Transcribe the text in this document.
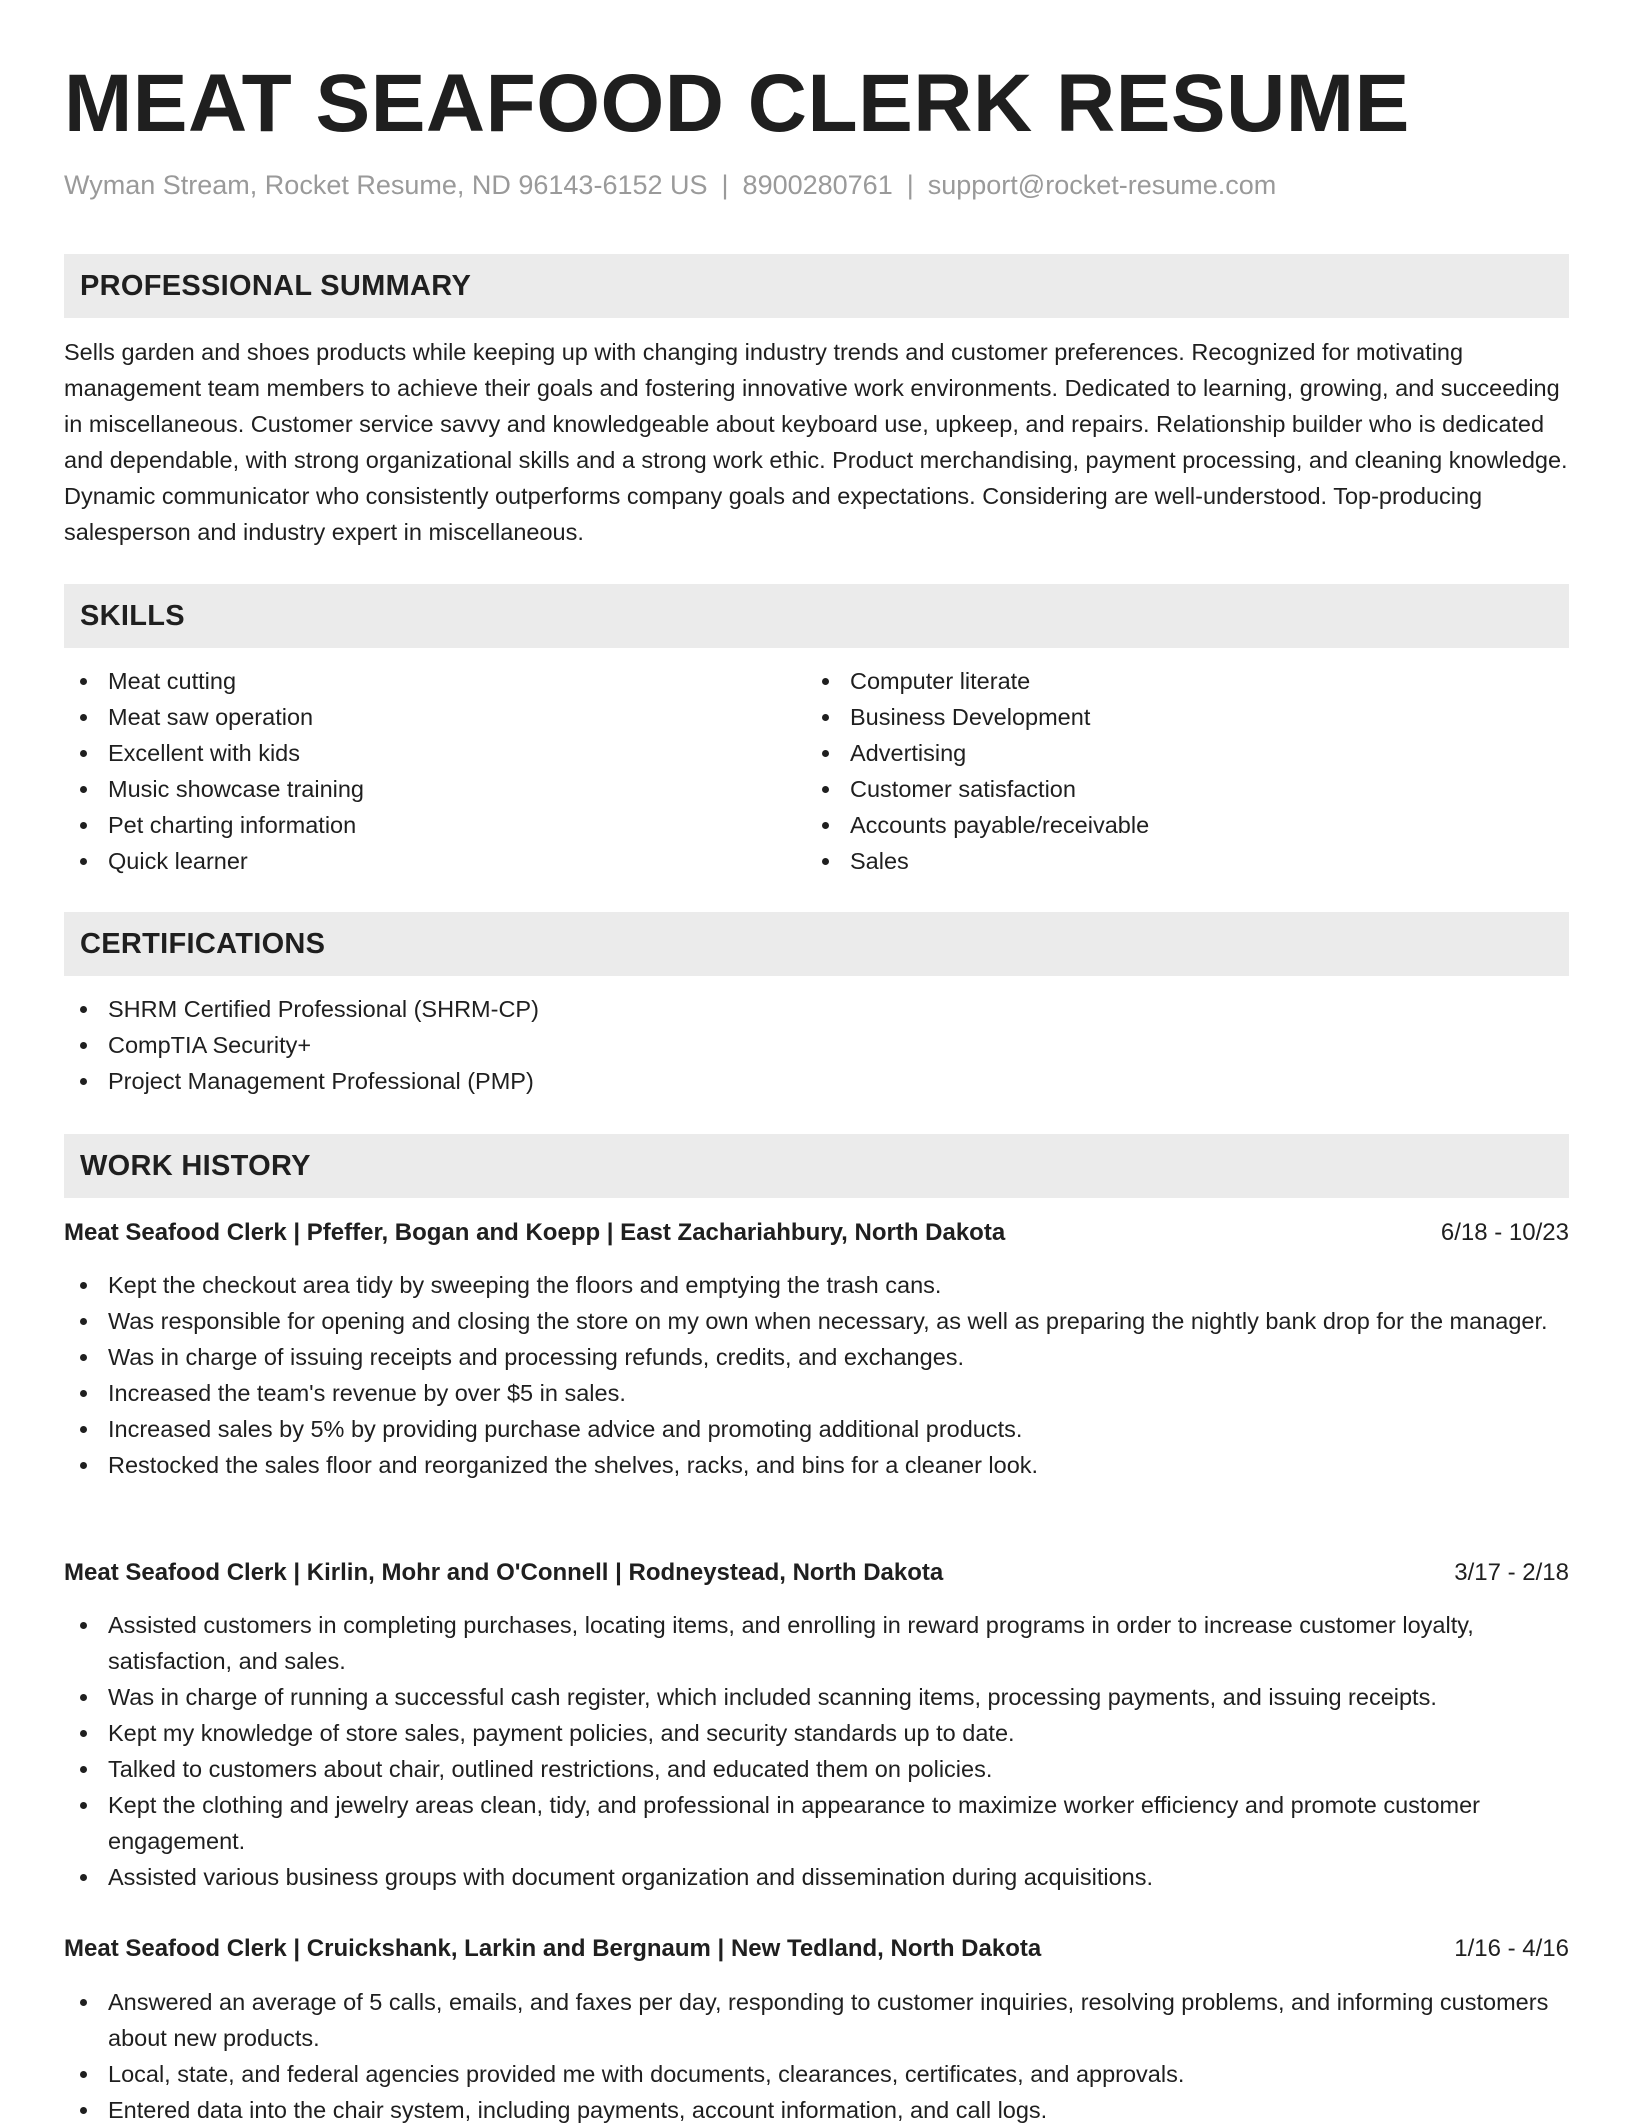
MEAT SEAFOOD CLERK RESUME
Wyman Stream, Rocket Resume, ND 96143-6152 US | 8900280761 | support@rocket-resume.com
PROFESSIONAL SUMMARY

Sells garden and shoes products while keeping up with changing industry trends and customer preferences. Recognized for motivating management team members to achieve their goals and fostering innovative work environments. Dedicated to learning, growing, and succeeding in miscellaneous. Customer service savvy and knowledgeable about keyboard use, upkeep, and repairs. Relationship builder who is dedicated and dependable, with strong organizational skills and a strong work ethic. Product merchandising, payment processing, and cleaning knowledge. Dynamic communicator who consistently outperforms company goals and expectations. Considering are well-understood. Top-producing salesperson and industry expert in miscellaneous.

SKILLS
Meat cutting
Meat saw operation
Excellent with kids
Music showcase training
Pet charting information
Quick learner
Computer literate
Business Development
Advertising
Customer satisfaction
Accounts payable/receivable
Sales
CERTIFICATIONS
SHRM Certified Professional (SHRM-CP)
CompTIA Security+
Project Management Professional (PMP)
WORK HISTORY
Meat Seafood Clerk | Pfeffer, Bogan and Koepp | East Zachariahbury, North Dakota	6/18 - 10/23
Kept the checkout area tidy by sweeping the floors and emptying the trash cans.
Was responsible for opening and closing the store on my own when necessary, as well as preparing the nightly bank drop for the manager.
Was in charge of issuing receipts and processing refunds, credits, and exchanges.
Increased the team's revenue by over $5 in sales.
Increased sales by 5% by providing purchase advice and promoting additional products.
Restocked the sales floor and reorganized the shelves, racks, and bins for a cleaner look.
Meat Seafood Clerk | Kirlin, Mohr and O'Connell | Rodneystead, North Dakota	3/17 - 2/18
Assisted customers in completing purchases, locating items, and enrolling in reward programs in order to increase customer loyalty, satisfaction, and sales.
Was in charge of running a successful cash register, which included scanning items, processing payments, and issuing receipts.
Kept my knowledge of store sales, payment policies, and security standards up to date.
Talked to customers about chair, outlined restrictions, and educated them on policies.
Kept the clothing and jewelry areas clean, tidy, and professional in appearance to maximize worker efficiency and promote customer engagement.
Assisted various business groups with document organization and dissemination during acquisitions.
Meat Seafood Clerk | Cruickshank, Larkin and Bergnaum | New Tedland, North Dakota	1/16 - 4/16
Answered an average of 5 calls, emails, and faxes per day, responding to customer inquiries, resolving problems, and informing customers about new products.
Local, state, and federal agencies provided me with documents, clearances, certificates, and approvals.
Entered data into the chair system, including payments, account information, and call logs.
